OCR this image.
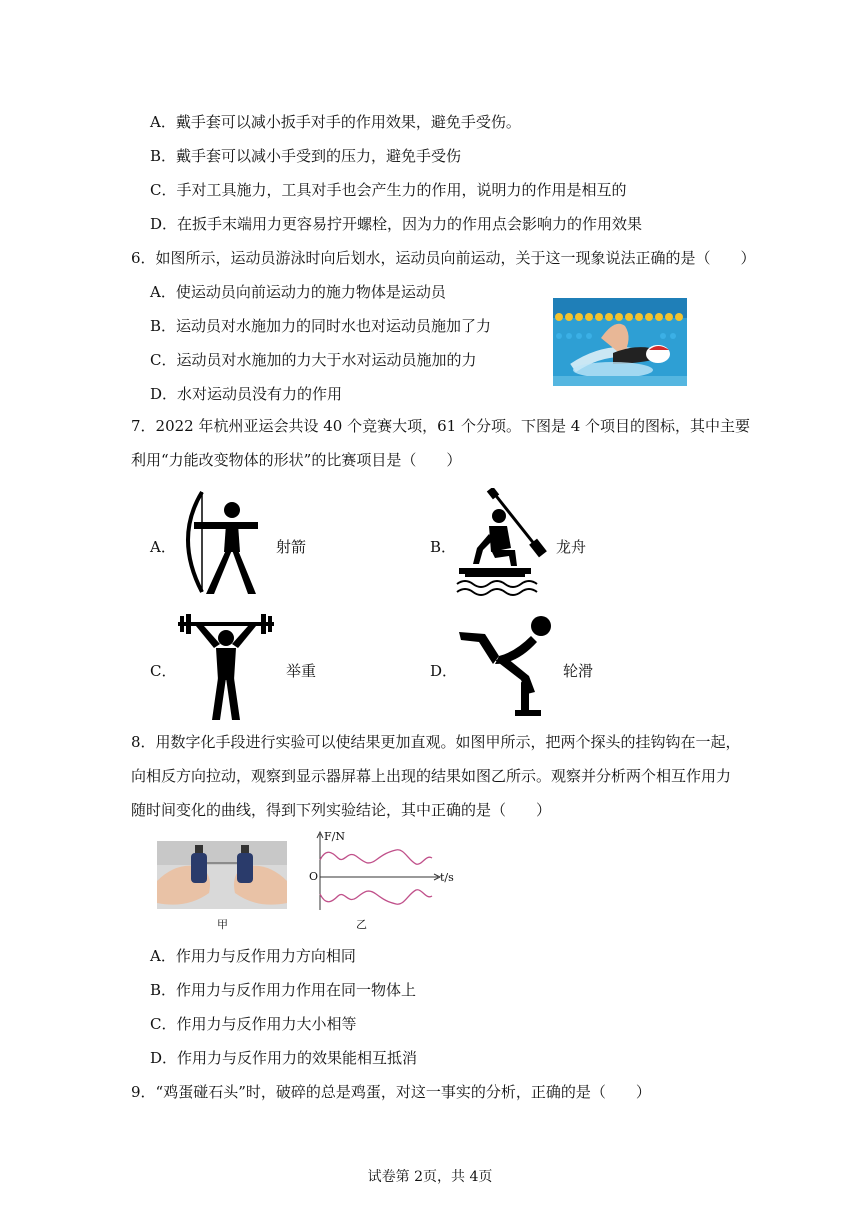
A．戴手套可以减小扳手对手的作用效果，避免手受伤。
B．戴手套可以减小手受到的压力，避免手受伤
C．手对工具施力，工具对手也会产生力的作用，说明力的作用是相互的
D．在扳手末端用力更容易拧开螺栓，因为力的作用点会影响力的作用效果
6．如图所示，运动员游泳时向后划水，运动员向前运动，关于这一现象说法正确的是（　　）
A．使运动员向前运动力的施力物体是运动员
B．运动员对水施加力的同时水也对运动员施加了力
C．运动员对水施加的力大于水对运动员施加的力
D．水对运动员没有力的作用
7．2022 年杭州亚运会共设 40 个竞赛大项，61 个分项。下图是 4 个项目的图标，其中主要
利用“力能改变物体的形状”的比赛项目是（　　）
A．	射箭	B．	龙舟
C．	举重	D．	轮滑
8．用数字化手段进行实验可以使结果更加直观。如图甲所示，把两个探头的挂钩钩在一起，
向相反方向拉动，观察到显示器屏幕上出现的结果如图乙所示。观察并分析两个相互作用力
随时间变化的曲线，得到下列实验结论，其中正确的是（　　）
甲
F/N
O	t/s
乙
A．作用力与反作用力方向相同
B．作用力与反作用力作用在同一物体上
C．作用力与反作用力大小相等
D．作用力与反作用力的效果能相互抵消
9．“鸡蛋碰石头”时，破碎的总是鸡蛋，对这一事实的分析，正确的是（　　）
试卷第 2页，共 4页
